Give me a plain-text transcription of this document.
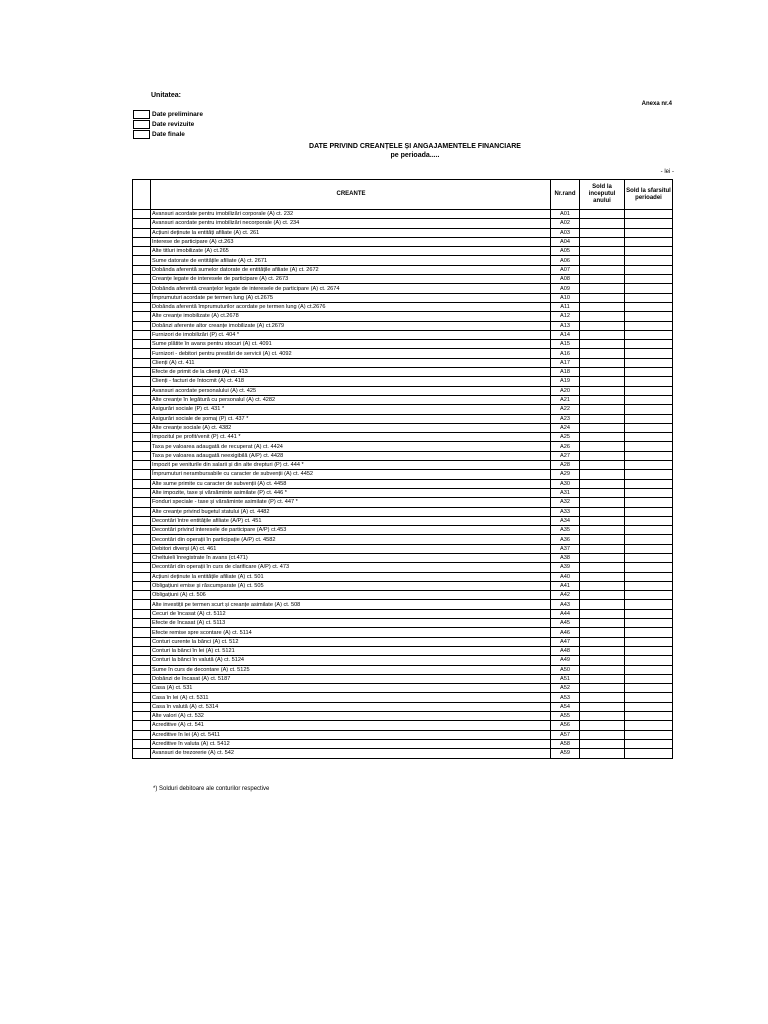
Unitatea:
Anexa nr.4
Date preliminare
Date revizuite
Date finale
DATE PRIVIND CREANȚELE ȘI ANGAJAMENTELE FINANCIARE
pe perioada.....
- lei -
	CREANTE	Nr.rand	Sold la inceputul anului	Sold la sfarsitul perioadei
	Avansuri acordate pentru imobilizări corporale (A) ct. 232	A01		
	Avansuri acordate pentru imobilizări necorporale (A) ct. 234	A02		
	Acțiuni deținute la entități afiliate (A) ct. 261	A03		
	Interese de participare (A) ct.263	A04		
	Alte titluri imobilizate (A) ct.265	A05		
	Sume datorate de entitățile afiliate (A) ct. 2671	A06		
	Dobânda aferentă sumelor datorate de entitățile afiliate (A) ct. 2672	A07		
	Creanțe legate de interesele de participare (A) ct. 2673	A08		
	Dobânda aferentă creanțelor legate de interesele de participare (A) ct. 2674	A09		
	Împrumuturi acordate pe termen lung (A) ct.2675	A10		
	Dobânda aferentă împrumuturilor acordate pe termen lung (A) ct.2676	A11		
	Alte creanțe imobilizate (A) ct.2678	A12		
	Dobânzi aferente altor creanțe imobilizate (A) ct.2679	A13		
	Furnizori de imobilizări (P) ct. 404 *	A14		
	Sume plătite în avans pentru stocuri (A) ct. 4091	A15		
	Furnizori - debitori pentru prestări de servicii (A) ct. 4092	A16		
	Clienți (A) ct. 411	A17		
	Efecte de primit de la clienți (A) ct. 413	A18		
	Clienți - facturi de întocmit (A) ct. 418	A19		
	Avansuri acordate personalului (A) ct. 425	A20		
	Alte creanțe în legătură cu personalul (A) ct. 4282	A21		
	Asigurări sociale (P) ct. 431 *	A22		
	Asigurări sociale de șomaj (P) ct. 437 *	A23		
	Alte creanțe sociale (A) ct. 4382	A24		
	Impozitul pe profit/venit (P) ct. 441 *	A25		
	Taxa pe valoarea adaugată de recuperat (A) ct. 4424	A26		
	Taxa pe valoarea adaugată neexigibilă (A/P) ct. 4428	A27		
	Impozit pe veniturile din salarii și din alte drepturi (P) ct. 444 *	A28		
	Împrumuturi nerambursabile cu caracter de subvenții (A) ct. 4452	A29		
	Alte sume primite cu caracter de subvenții (A) ct. 4458	A30		
	Alte impozite, taxe și vărsăminte asimilate (P) ct. 446 *	A31		
	Fonduri speciale - taxe și vărsăminte asimilate (P) ct. 447 *	A32		
	Alte creanțe privind bugetul statului (A) ct. 4482	A33		
	Decontări între entitățile afiliate (A/P) ct. 451	A34		
	Decontări privind interesele de participare (A/P) ct.453	A35		
	Decontări din operații în participație (A/P) ct. 4582	A36		
	Debitori diverși (A) ct. 461	A37		
	Cheltuieli înregistrate în avans (ct.471)	A38		
	Decontări din operații în curs de clarificare (A/P) ct. 473	A39		
	Acțiuni deținute la entitățile afiliate (A) ct. 501	A40		
	Obligațiuni emise și răscumparate (A) ct. 505	A41		
	Obligațiuni (A) ct. 506	A42		
	Alte investiții pe termen scurt și creanțe asimilate (A) ct. 508	A43		
	Cecuri de încasat (A) ct. 5112	A44		
	Efecte de încasat (A) ct. 5113	A45		
	Efecte remise spre scontare (A) ct. 5114	A46		
	Conturi curente la bănci (A) ct. 512	A47		
	Conturi la bănci în lei (A) ct. 5121	A48		
	Conturi la bănci în valută (A) ct. 5124	A49		
	Sume în curs de decontare (A) ct. 5125	A50		
	Dobânzi de încasat (A) ct. 5187	A51		
	Casa (A) ct. 531	A52		
	Casa în lei (A) ct. 5311	A53		
	Casa în valută (A) ct. 5314	A54		
	Alte valori (A) ct. 532	A55		
	Acreditive (A) ct. 541	A56		
	Acreditive în lei (A) ct. 5411	A57		
	Acreditive în valuta (A) ct. 5412	A58		
	Avansuri de trezorerie (A) ct. 542	A59		
*) Solduri debitoare ale conturilor respective
